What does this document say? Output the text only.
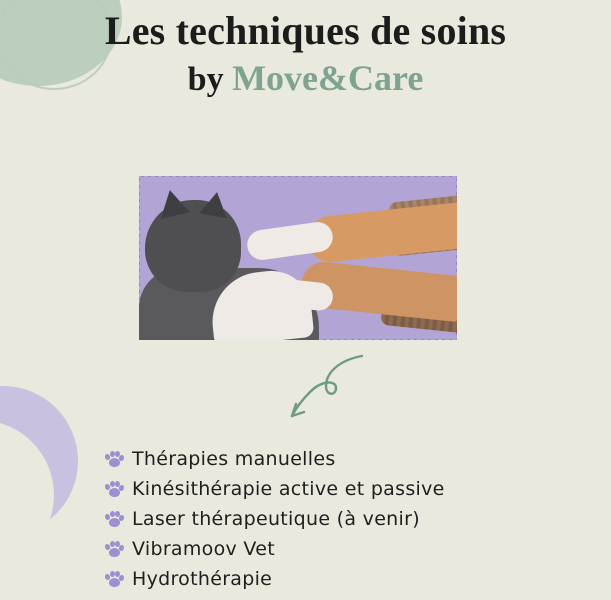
Les techniques de soins
by Move&Care
Thérapies manuelles
Kinésithérapie active et passive
Laser thérapeutique (à venir)
Vibramoov Vet
Hydrothérapie
